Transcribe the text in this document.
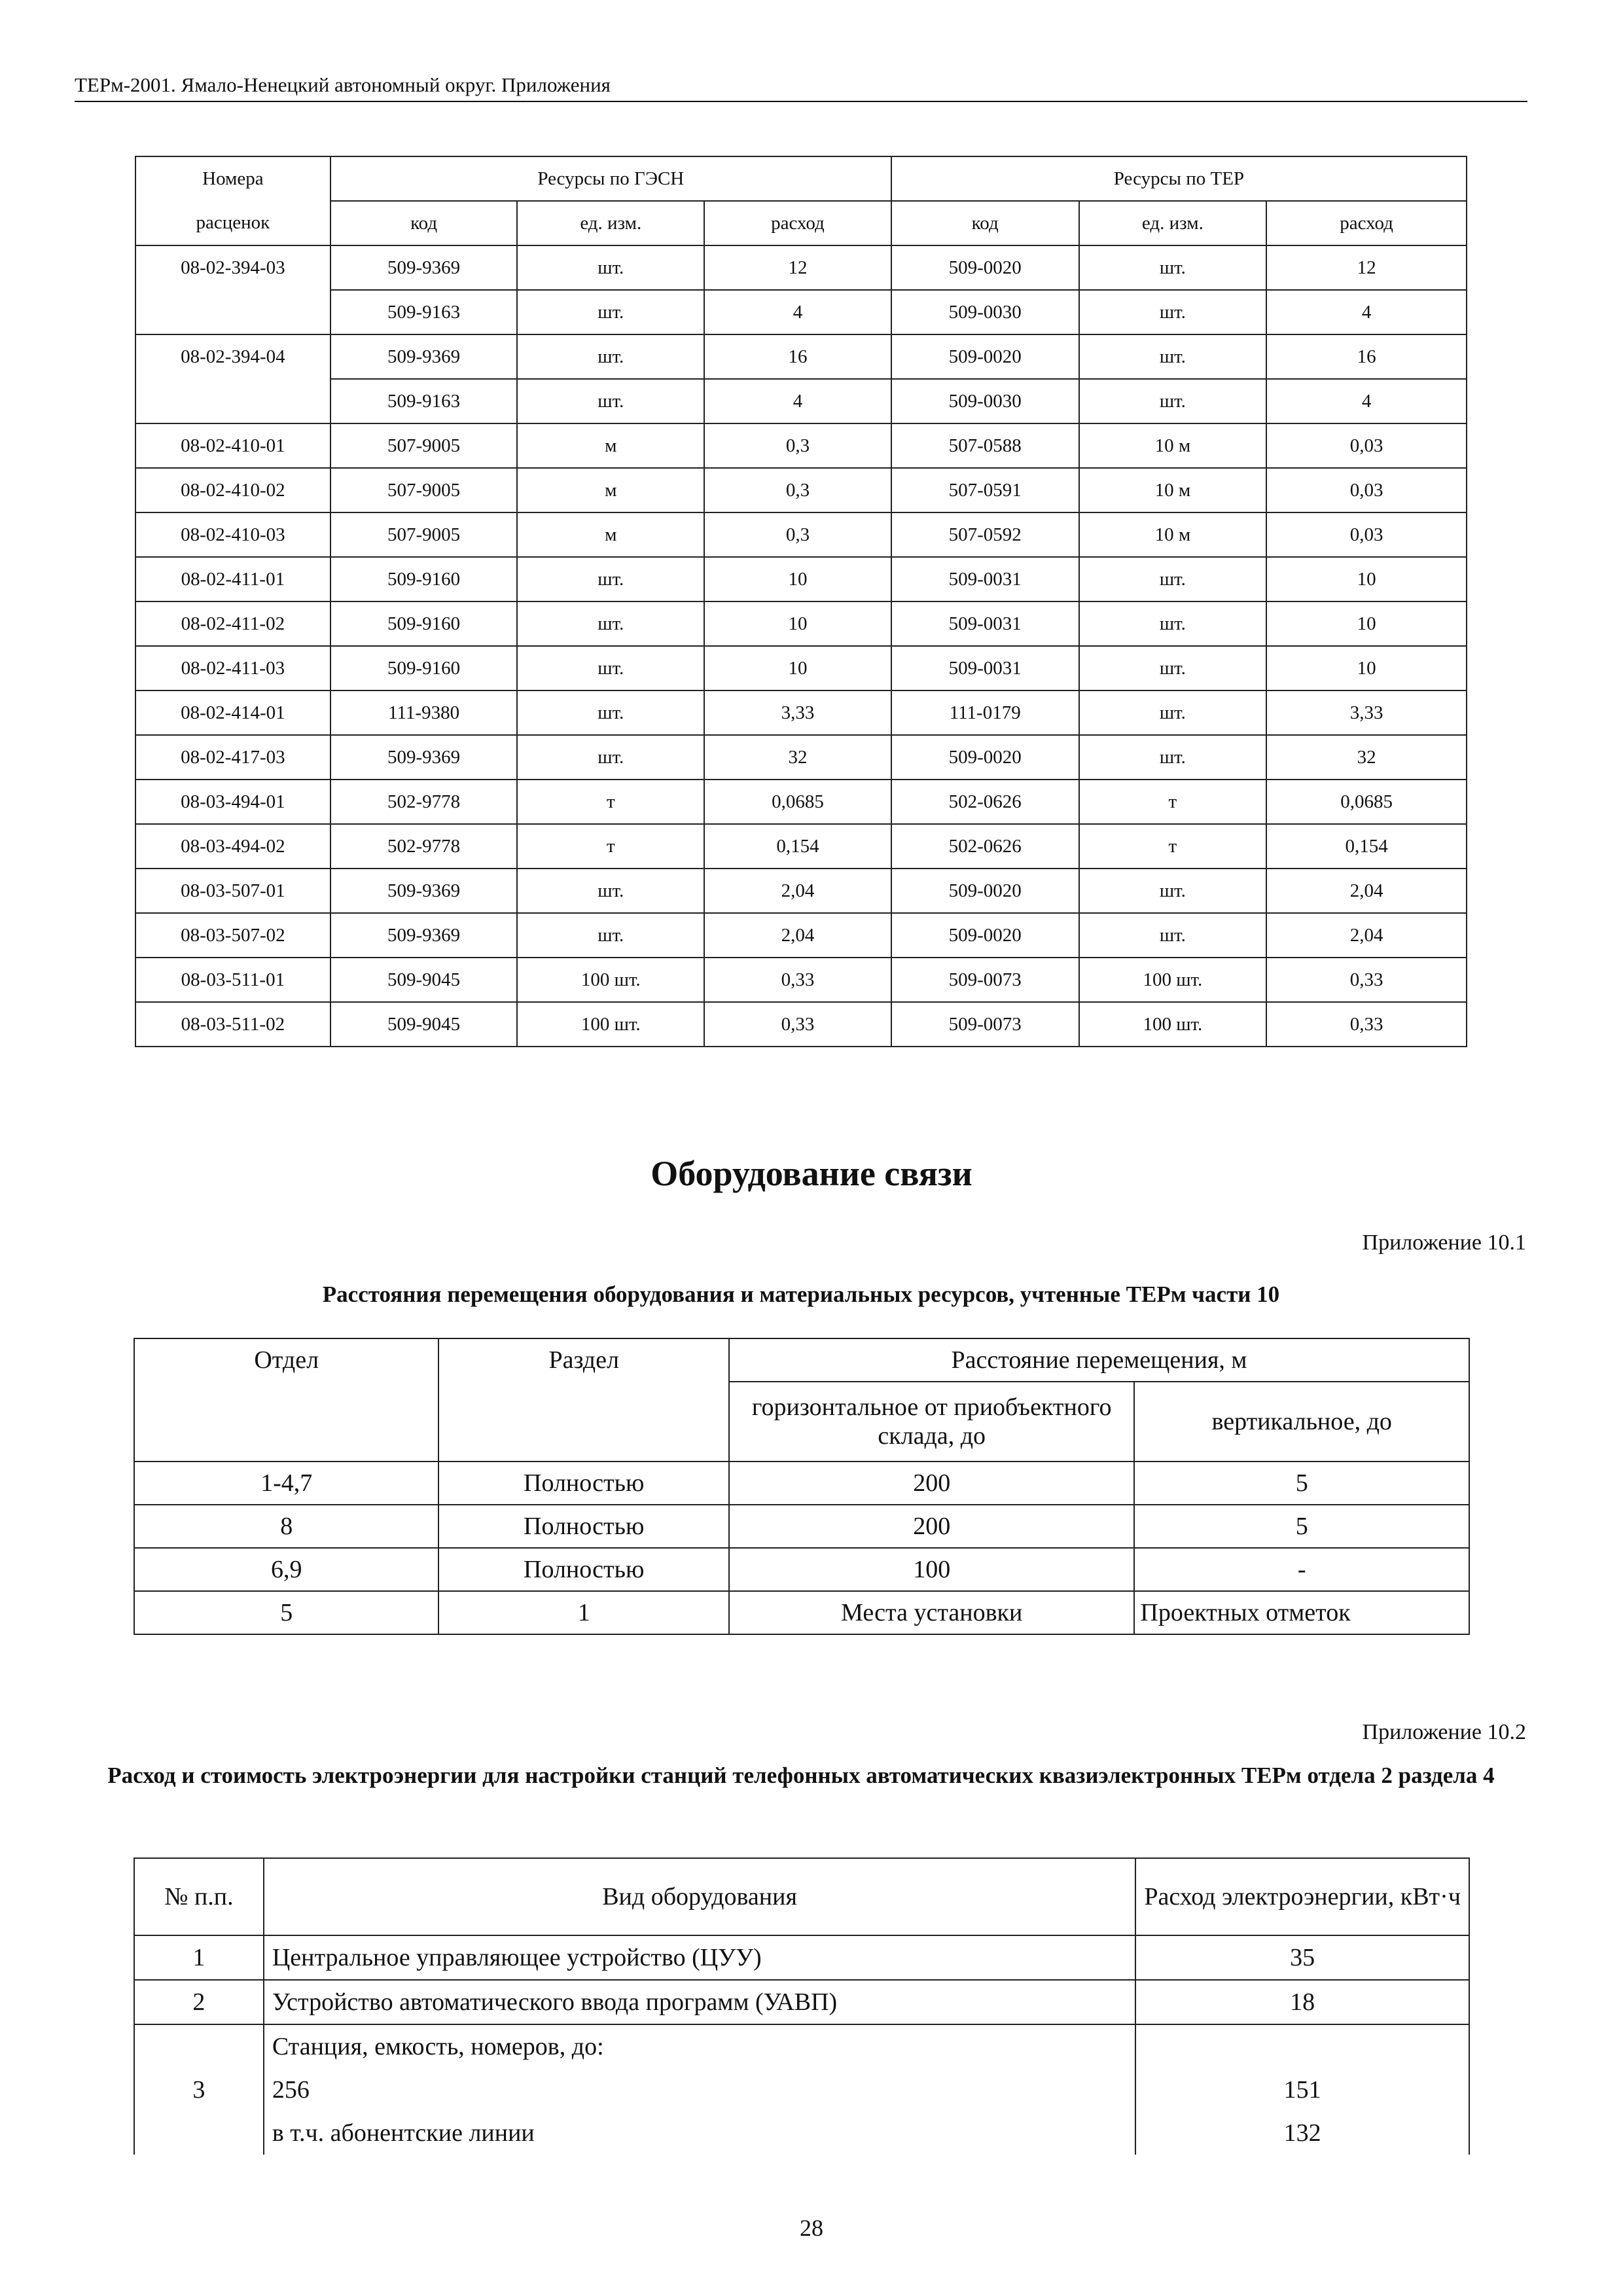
ТЕРм-2001. Ямало-Ненецкий автономный округ. Приложения
Номера	Ресурсы по ГЭСН			Ресурсы по ТЕР		
расценок	код	ед. изм.	расход	код	ед. изм.	расход
08-02-394-03	509-9369	шт.	12	509-0020	шт.	12
	509-9163	шт.	4	509-0030	шт.	4
08-02-394-04	509-9369	шт.	16	509-0020	шт.	16
	509-9163	шт.	4	509-0030	шт.	4
08-02-410-01	507-9005	м	0,3	507-0588	10 м	0,03
08-02-410-02	507-9005	м	0,3	507-0591	10 м	0,03
08-02-410-03	507-9005	м	0,3	507-0592	10 м	0,03
08-02-411-01	509-9160	шт.	10	509-0031	шт.	10
08-02-411-02	509-9160	шт.	10	509-0031	шт.	10
08-02-411-03	509-9160	шт.	10	509-0031	шт.	10
08-02-414-01	111-9380	шт.	3,33	111-0179	шт.	3,33
08-02-417-03	509-9369	шт.	32	509-0020	шт.	32
08-03-494-01	502-9778	т	0,0685	502-0626	т	0,0685
08-03-494-02	502-9778	т	0,154	502-0626	т	0,154
08-03-507-01	509-9369	шт.	2,04	509-0020	шт.	2,04
08-03-507-02	509-9369	шт.	2,04	509-0020	шт.	2,04
08-03-511-01	509-9045	100 шт.	0,33	509-0073	100 шт.	0,33
08-03-511-02	509-9045	100 шт.	0,33	509-0073	100 шт.	0,33
Оборудование связи
Приложение 10.1
Расстояния перемещения оборудования и материальных ресурсов, учтенные ТЕРм части 10
Отдел	Раздел	Расстояние перемещения, м	
		горизонтальное от приобъектного склада, до	вертикальное, до
1-4,7	Полностью	200	5
8	Полностью	200	5
6,9	Полностью	100	-
5	1	Места установки	Проектных отметок
Приложение 10.2
Расход и стоимость электроэнергии для настройки станций телефонных автоматических квазиэлектронных ТЕРм отдела 2 раздела 4
№ п.п.	Вид оборудования	Расход электроэнергии, кВт·ч
1	Центральное управляющее устройство (ЦУУ)	35
2	Устройство автоматического ввода программ (УАВП)	18
3	Станция, емкость, номеров, до:	
	256	151
	в т.ч. абонентские линии	132
28
